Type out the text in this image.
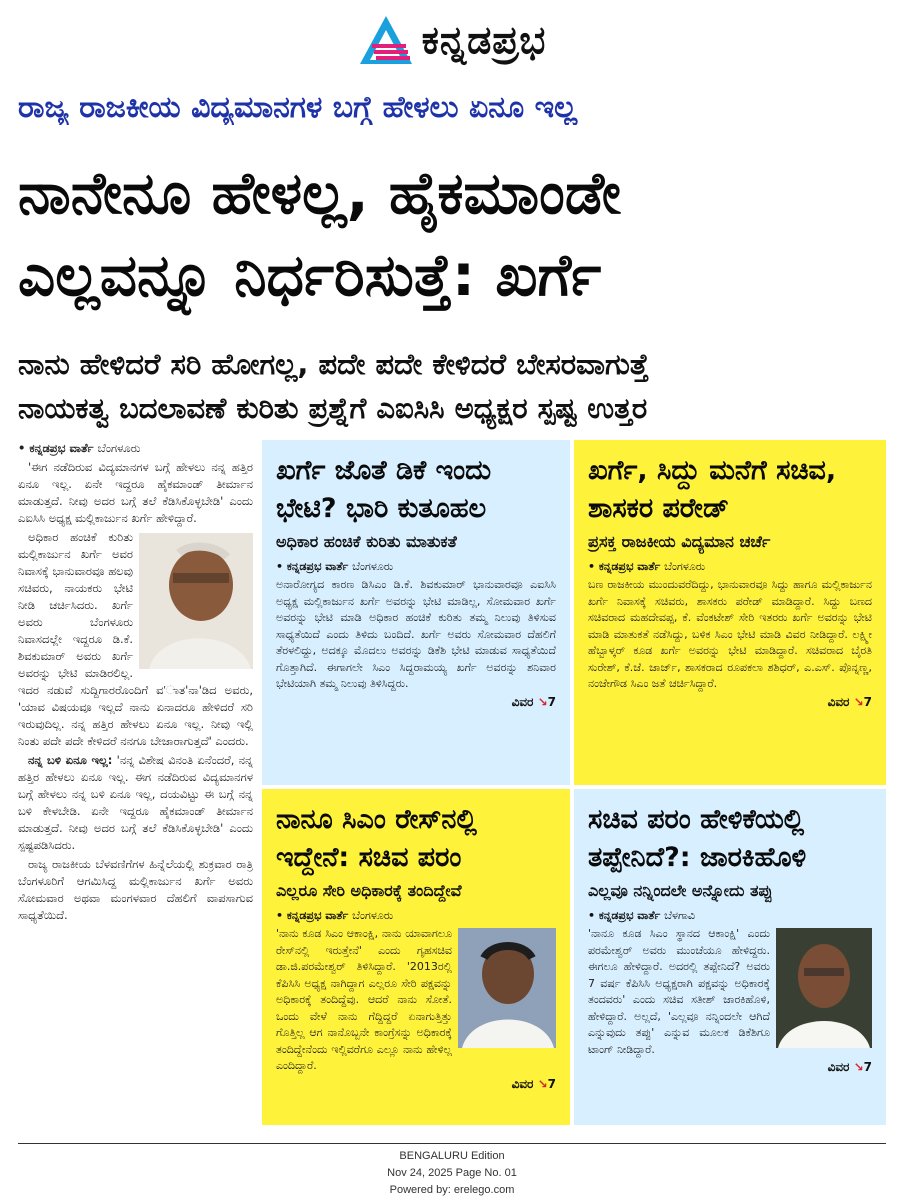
ಕನ್ನಡಪ್ರಭ
ರಾಜ್ಯ ರಾಜಕೀಯ ವಿದ್ಯಮಾನಗಳ ಬಗ್ಗೆ ಹೇಳಲು ಏನೂ ಇಲ್ಲ
ನಾನೇನೂ ಹೇಳಲ್ಲ, ಹೈಕಮಾಂಡೇ
ಎಲ್ಲವನ್ನೂ ನಿರ್ಧರಿಸುತ್ತೆ: ಖರ್ಗೆ
ನಾನು ಹೇಳಿದರೆ ಸರಿ ಹೋಗಲ್ಲ, ಪದೇ ಪದೇ ಕೇಳಿದರೆ ಬೇಸರವಾಗುತ್ತೆ
ನಾಯಕತ್ವ ಬದಲಾವಣೆ ಕುರಿತು ಪ್ರಶ್ನೆಗೆ ಎಐಸಿಸಿ ಅಧ್ಯಕ್ಷರ ಸ್ಪಷ್ಟ ಉತ್ತರ
• ಕನ್ನಡಪ್ರಭ ವಾರ್ತೆ ಬೆಂಗಳೂರು

'ಈಗ ನಡೆದಿರುವ ವಿದ್ಯಮಾನಗಳ ಬಗ್ಗೆ ಹೇಳಲು ನನ್ನ ಹತ್ತಿರ ಏನೂ ಇಲ್ಲ. ಏನೇ ಇದ್ದರೂ ಹೈಕಮಾಂಡ್ ತೀರ್ಮಾನ ಮಾಡುತ್ತದೆ. ನೀವು ಅದರ ಬಗ್ಗೆ ತಲೆ ಕೆಡಿಸಿಕೊಳ್ಳಬೇಡಿ' ಎಂದು ಎಐಸಿಸಿ ಅಧ್ಯಕ್ಷ ಮಲ್ಲಿಕಾರ್ಜುನ ಖರ್ಗೆ ಹೇಳಿದ್ದಾರೆ.

ಅಧಿಕಾರ ಹಂಚಿಕೆ ಕುರಿತು ಮಲ್ಲಿಕಾರ್ಜುನ ಖರ್ಗೆ ಅವರ ನಿವಾಸಕ್ಕೆ ಭಾನುವಾರವೂ ಹಲವು ಸಚಿವರು, ನಾಯಕರು ಭೇಟಿ ನೀಡಿ ಚರ್ಚಿಸಿದರು. ಖರ್ಗೆ ಅವರು ಬೆಂಗಳೂರು ನಿವಾಸದಲ್ಲೇ ಇದ್ದರೂ ಡಿ.ಕೆ. ಶಿವಕುಮಾರ್ ಅವರು ಖರ್ಗೆ ಅವರನ್ನು ಭೇಟಿ ಮಾಡಿರಲಿಲ್ಲ. ಇದರ ನಡುವೆ ಸುದ್ದಿಗಾರರೊಂದಿಗೆ ವ'ಾತ'ನಾ'ಡಿದ ಅವರು, 'ಯಾವ ವಿಷಯವೂ ಇಲ್ಲದೆ ನಾನು ಏನಾದರೂ ಹೇಳಿದರೆ ಸರಿ ಇರುವುದಿಲ್ಲ. ನನ್ನ ಹತ್ತಿರ ಹೇಳಲು ಏನೂ ಇಲ್ಲ. ನೀವು ಇಲ್ಲಿ ನಿಂತು ಪದೇ ಪದೇ ಕೇಳಿದರೆ ನನಗೂ ಬೇಜಾರಾಗುತ್ತದೆ' ಎಂದರು.

ನನ್ನ ಬಳಿ ಏನೂ ಇಲ್ಲ: 'ನನ್ನ ವಿಶೇಷ ವಿನಂತಿ ಏನೆಂದರೆ, ನನ್ನ ಹತ್ತಿರ ಹೇಳಲು ಏನೂ ಇಲ್ಲ. ಈಗ ನಡೆದಿರುವ ವಿದ್ಯಮಾನಗಳ ಬಗ್ಗೆ ಹೇಳಲು ನನ್ನ ಬಳಿ ಏನೂ ಇಲ್ಲ, ದಯವಿಟ್ಟು ಈ ಬಗ್ಗೆ ನನ್ನ ಬಳಿ ಕೇಳಬೇಡಿ. ಏನೇ ಇದ್ದರೂ ಹೈಕಮಾಂಡ್ ತೀರ್ಮಾನ ಮಾಡುತ್ತದೆ. ನೀವು ಅದರ ಬಗ್ಗೆ ತಲೆ ಕೆಡಿಸಿಕೊಳ್ಳಬೇಡಿ' ಎಂದು ಸ್ಪಷ್ಟಪಡಿಸಿದರು.

ರಾಜ್ಯ ರಾಜಕೀಯ ಬೆಳವಣಿಗೆಗಳ ಹಿನ್ನೆಲೆಯಲ್ಲಿ ಶುಕ್ರವಾರ ರಾತ್ರಿ ಬೆಂಗಳೂರಿಗೆ ಆಗಮಿಸಿದ್ದ ಮಲ್ಲಿಕಾರ್ಜುನ ಖರ್ಗೆ ಅವರು ಸೋಮವಾರ ಅಥವಾ ಮಂಗಳವಾರ ದೆಹಲಿಗೆ ವಾಪಸಾಗುವ ಸಾಧ್ಯತೆಯಿದೆ.

ಖರ್ಗೆ ಜೊತೆ ಡಿಕೆ ಇಂದು ಭೇಟಿ? ಭಾರಿ ಕುತೂಹಲ
ಅಧಿಕಾರ ಹಂಚಿಕೆ ಕುರಿತು ಮಾತುಕತೆ
• ಕನ್ನಡಪ್ರಭ ವಾರ್ತೆ ಬೆಂಗಳೂರು
ಅನಾರೋಗ್ಯದ ಕಾರಣ ಡಿಸಿಎಂ ಡಿ.ಕೆ. ಶಿವಕುಮಾರ್ ಭಾನುವಾರವೂ ಎಐಸಿಸಿ ಅಧ್ಯಕ್ಷ ಮಲ್ಲಿಕಾರ್ಜುನ ಖರ್ಗೆ ಅವರನ್ನು ಭೇಟಿ ಮಾಡಿಲ್ಲ, ಸೋಮವಾರ ಖರ್ಗೆ ಅವರನ್ನು ಭೇಟಿ ಮಾಡಿ ಅಧಿಕಾರ ಹಂಚಿಕೆ ಕುರಿತು ತಮ್ಮ ನಿಲುವು ತಿಳಿಸುವ ಸಾಧ್ಯತೆಯಿದೆ ಎಂದು ತಿಳಿದು ಬಂದಿದೆ. ಖರ್ಗೆ ಅವರು ಸೋಮವಾರ ದೆಹಲಿಗೆ ತೆರಳಲಿದ್ದು, ಅದಕ್ಕೂ ಮೊದಲು ಅವರನ್ನು ಡಿಕೆಶಿ ಭೇಟಿ ಮಾಡುವ ಸಾಧ್ಯತೆಯಿದೆ ಗೊತ್ತಾಗಿದೆ. ಈಗಾಗಲೇ ಸಿಎಂ ಸಿದ್ದರಾಮಯ್ಯ ಖರ್ಗೆ ಅವರನ್ನು ಶನಿವಾರ ಭೇಟಿಯಾಗಿ ತಮ್ಮ ನಿಲುವು ತಿಳಿಸಿದ್ದರು.
ವಿವರ ↘7
ಖರ್ಗೆ, ಸಿದ್ದು ಮನೆಗೆ ಸಚಿವ, ಶಾಸಕರ ಪರೇಡ್
ಪ್ರಸಕ್ತ ರಾಜಕೀಯ ವಿದ್ಯಮಾನ ಚರ್ಚೆ
• ಕನ್ನಡಪ್ರಭ ವಾರ್ತೆ ಬೆಂಗಳೂರು
ಬಣ ರಾಜಕೀಯ ಮುಂದುವರೆದಿದ್ದು, ಭಾನುವಾರವೂ ಸಿದ್ದು ಹಾಗೂ ಮಲ್ಲಿಕಾರ್ಜುನ ಖರ್ಗೆ ನಿವಾಸಕ್ಕೆ ಸಚಿವರು, ಶಾಸಕರು ಪರೇಡ್ ಮಾಡಿದ್ದಾರೆ. ಸಿದ್ದು ಬಣದ ಸಚಿವರಾದ ಮಹದೇವಪ್ಪ, ಕೆ. ವೆಂಕಟೇಶ್ ಸೇರಿ ಇತರರು ಖರ್ಗೆ ಅವರನ್ನು ಭೇಟಿ ಮಾಡಿ ಮಾತುಕತೆ ನಡೆಸಿದ್ದು, ಬಳಿಕ ಸಿಎಂ ಭೇಟಿ ಮಾಡಿ ವಿವರ ನೀಡಿದ್ದಾರೆ. ಲಕ್ಷ್ಮೀ ಹೆಬ್ಬಾಳ್ಕರ್ ಕೂಡ ಖರ್ಗೆ ಅವರನ್ನು ಭೇಟಿ ಮಾಡಿದ್ದಾರೆ. ಸಚಿವರಾದ ಬೈರತಿ ಸುರೇಶ್, ಕೆ.ಜೆ. ಜಾರ್ಜ್, ಶಾಸಕರಾದ ರೂಪಕಲಾ ಶಶಿಧರ್, ಎ.ಎಸ್. ಪೊನ್ನಣ್ಣ, ನಂಜೇಗೌಡ ಸಿಎಂ ಜತೆ ಚರ್ಚಿಸಿದ್ದಾರೆ.
ವಿವರ ↘7
ನಾನೂ ಸಿಎಂ ರೇಸ್‌ನಲ್ಲಿ ಇದ್ದೇನೆ: ಸಚಿವ ಪರಂ
ಎಲ್ಲರೂ ಸೇರಿ ಅಧಿಕಾರಕ್ಕೆ ತಂದಿದ್ದೇವೆ
• ಕನ್ನಡಪ್ರಭ ವಾರ್ತೆ ಬೆಂಗಳೂರು
'ನಾನು ಕೂಡ ಸಿಎಂ ಆಕಾಂಕ್ಷಿ, ನಾನು ಯಾವಾಗಲೂ ರೇಸ್‌ನಲ್ಲಿ ಇರುತ್ತೇನೆ' ಎಂದು ಗೃಹಸಚಿವ ಡಾ.ಜಿ.ಪರಮೇಶ್ವರ್ ತಿಳಿಸಿದ್ದಾರೆ. '2013ರಲ್ಲಿ ಕೆಪಿಸಿಸಿ ಅಧ್ಯಕ್ಷ ನಾಗಿದ್ದಾಗ ಎಲ್ಲರೂ ಸೇರಿ ಪಕ್ಷವನ್ನು ಅಧಿಕಾರಕ್ಕೆ ತಂದಿದ್ದೆವು. ಆದರೆ ನಾನು ಸೋತೆ. ಒಂದು ವೇಳೆ ನಾನು ಗೆದ್ದಿದ್ದರೆ ಏನಾಗುತ್ತಿತ್ತು ಗೊತ್ತಿಲ್ಲ ಆಗ ನಾನೊಬ್ಬನೇ ಕಾಂಗ್ರೆಸನ್ನು ಅಧಿಕಾರಕ್ಕೆ ತಂದಿದ್ದೇನೆಂದು ಇಲ್ಲಿವರೆಗೂ ಎಲ್ಲೂ ನಾನು ಹೇಳಿಲ್ಲ ಎಂದಿದ್ದಾರೆ.
ವಿವರ ↘7
ಸಚಿವ ಪರಂ ಹೇಳಿಕೆಯಲ್ಲಿ ತಪ್ಪೇನಿದೆ?: ಜಾರಕಿಹೊಳಿ
ಎಲ್ಲವೂ ನನ್ನಿಂದಲೇ ಅನ್ನೋದು ತಪ್ಪು
• ಕನ್ನಡಪ್ರಭ ವಾರ್ತೆ ಬೆಳಗಾವಿ
'ನಾನೂ ಕೂಡ ಸಿಎಂ ಸ್ಥಾನದ ಆಕಾಂಕ್ಷಿ' ಎಂದು ಪರಮೇಶ್ವರ್ ಅವರು ಮುಂಚೆಯೂ ಹೇಳಿದ್ದರು. ಈಗಲೂ ಹೇಳಿದ್ದಾರೆ. ಅದರಲ್ಲಿ ತಪ್ಪೇನಿದೆ? ಅವರು 7 ವರ್ಷ ಕೆಪಿಸಿಸಿ ಅಧ್ಯಕ್ಷರಾಗಿ ಪಕ್ಷವನ್ನು ಅಧಿಕಾರಕ್ಕೆ ತಂದವರು' ಎಂದು ಸಚಿವ ಸತೀಶ್ ಜಾರಕಿಹೊಳಿ, ಹೇಳಿದ್ದಾರೆ. ಅಲ್ಲದೆ, 'ಎಲ್ಲವೂ ನನ್ನಿಂದಲೇ ಆಗಿದೆ ಎನ್ನುವುದು ತಪ್ಪು' ಎನ್ನುವ ಮೂಲಕ ಡಿಕೆಶಿಗೂ ಟಾಂಗ್ ನೀಡಿದ್ದಾರೆ.
ವಿವರ ↘7
BENGALURU Edition
Nov 24, 2025 Page No. 01
Powered by: erelego.com
